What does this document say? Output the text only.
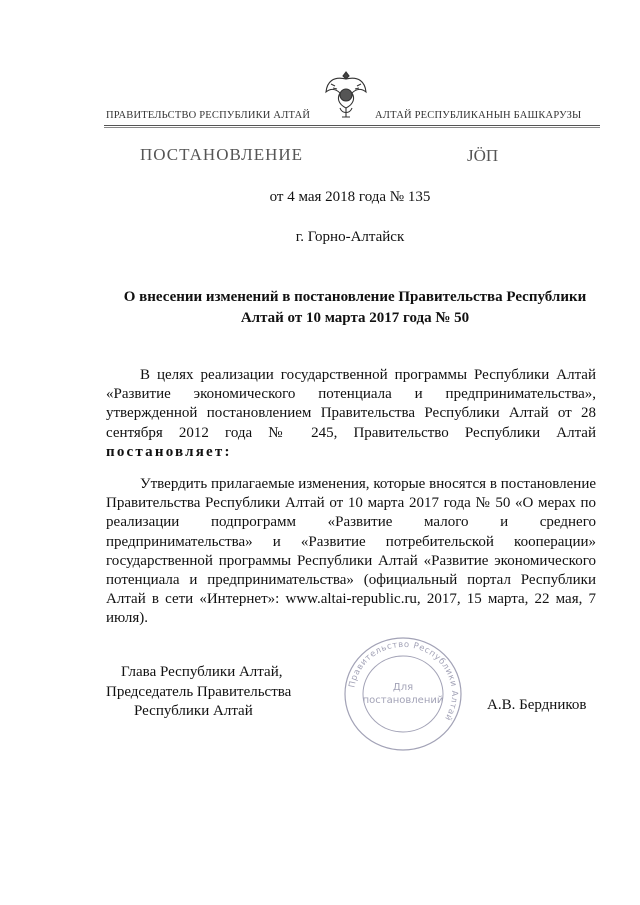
ПРАВИТЕЛЬСТВО РЕСПУБЛИКИ АЛТАЙ	АЛТАЙ РЕСПУБЛИКАНЫН БАШКАРУЗЫ
ПОСТАНОВЛЕНИЕ	ЈÖП
от 4 мая 2018 года № 135
г. Горно-Алтайск
О внесении изменений в постановление Правительства Республики
Алтай от 10 марта 2017 года № 50
В целях реализации государственной программы Республики Алтай «Развитие экономического потенциала и предпринимательства», утвержденной постановлением Правительства Республики Алтай от 28 сентября 2012 года № 245, Правительство Республики Алтай постановляет:
Утвердить прилагаемые изменения, которые вносятся в постановление Правительства Республики Алтай от 10 марта 2017 года № 50 «О мерах по реализации подпрограмм «Развитие малого и среднего предпринимательства» и «Развитие потребительской кооперации» государственной программы Республики Алтай «Развитие экономического потенциала и предпринимательства» (официальный портал Республики Алтай в сети «Интернет»: www.altai-republic.ru, 2017, 15 марта, 22 мая, 7 июля).
Глава Республики Алтай,
Председатель Правительства
Республики Алтай	А.В. Бердников
Правительство Республики Алтай
Для
постановлений
